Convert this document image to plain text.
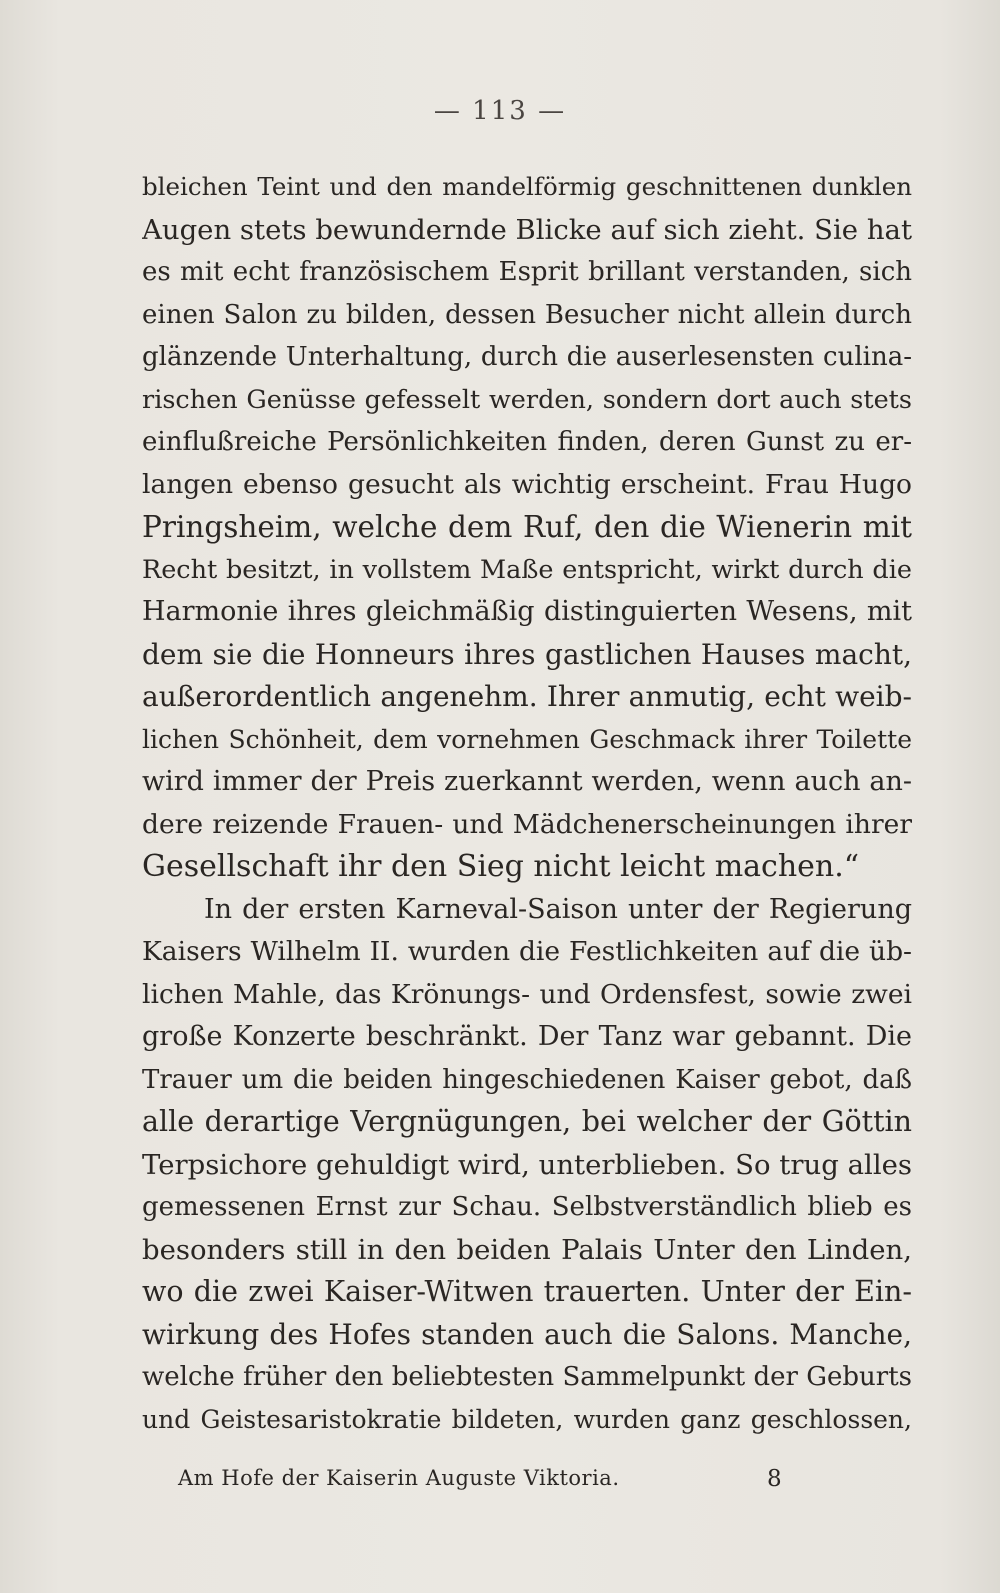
— 113 —
bleichen Teint und den mandelförmig geschnittenen dunklen
Augen stets bewundernde Blicke auf sich zieht. Sie hat
es mit echt französischem Esprit brillant verstanden, sich
einen Salon zu bilden, dessen Besucher nicht allein durch
glänzende Unterhaltung, durch die auserlesensten culina-
rischen Genüsse gefesselt werden, sondern dort auch stets
einflußreiche Persönlichkeiten finden, deren Gunst zu er-
langen ebenso gesucht als wichtig erscheint. Frau Hugo
Pringsheim, welche dem Ruf, den die Wienerin mit
Recht besitzt, in vollstem Maße entspricht, wirkt durch die
Harmonie ihres gleichmäßig distinguierten Wesens, mit
dem sie die Honneurs ihres gastlichen Hauses macht,
außerordentlich angenehm. Ihrer anmutig, echt weib-
lichen Schönheit, dem vornehmen Geschmack ihrer Toilette
wird immer der Preis zuerkannt werden, wenn auch an-
dere reizende Frauen- und Mädchenerscheinungen ihrer
Gesellschaft ihr den Sieg nicht leicht machen.“
In der ersten Karneval-Saison unter der Regierung
Kaisers Wilhelm II. wurden die Festlichkeiten auf die üb-
lichen Mahle, das Krönungs- und Ordensfest, sowie zwei
große Konzerte beschränkt. Der Tanz war gebannt. Die
Trauer um die beiden hingeschiedenen Kaiser gebot, daß
alle derartige Vergnügungen, bei welcher der Göttin
Terpsichore gehuldigt wird, unterblieben. So trug alles
gemessenen Ernst zur Schau. Selbstverständlich blieb es
besonders still in den beiden Palais Unter den Linden,
wo die zwei Kaiser-Witwen trauerten. Unter der Ein-
wirkung des Hofes standen auch die Salons. Manche,
welche früher den beliebtesten Sammelpunkt der Geburts
und Geistesaristokratie bildeten, wurden ganz geschlossen,
Am Hofe der Kaiserin Auguste Viktoria.	8
